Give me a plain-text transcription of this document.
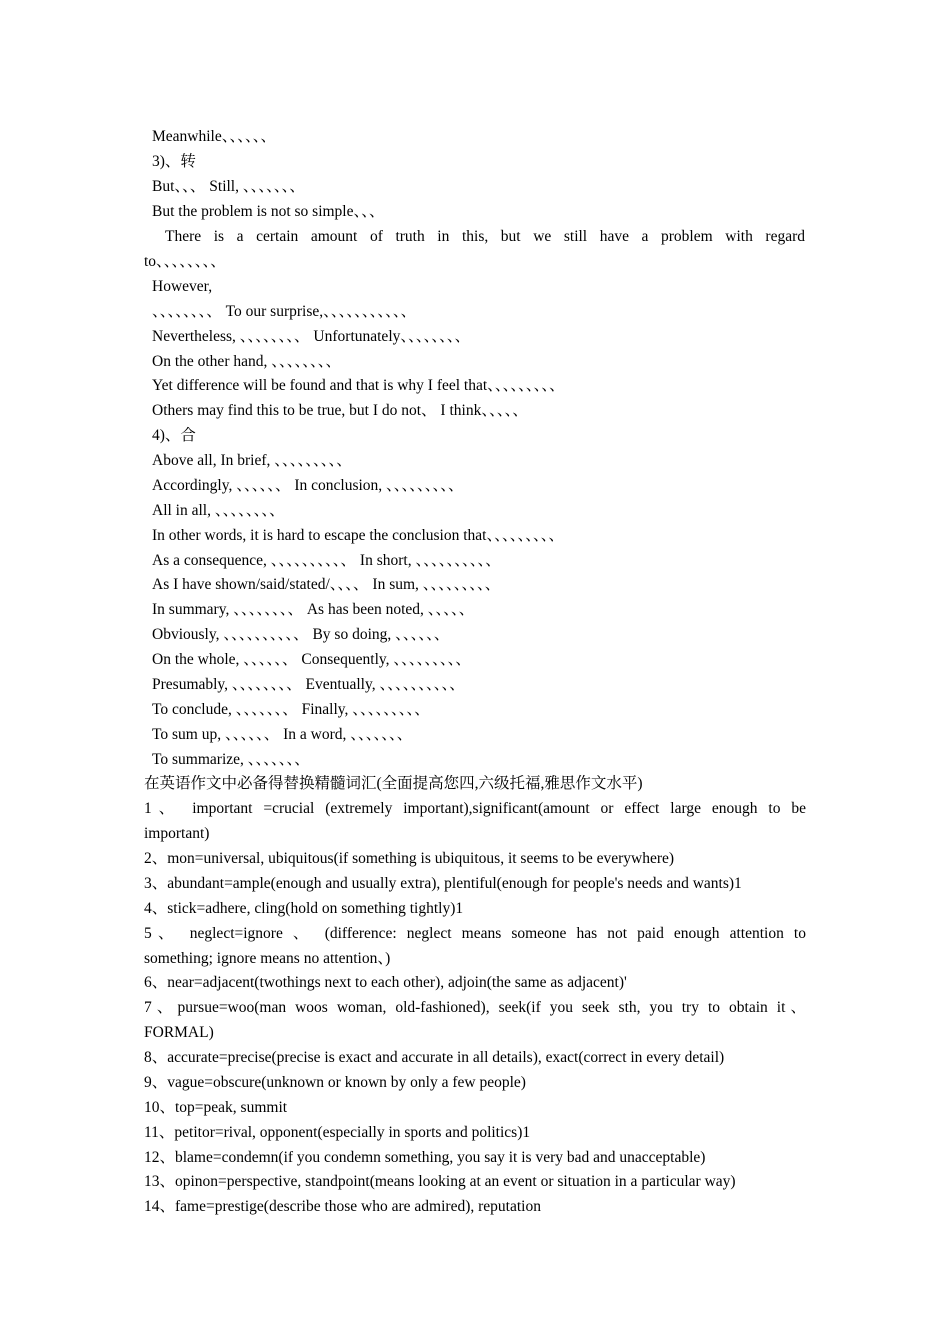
Meanwhile、、、、、、
3)、转
But、、、 Still, 、、、、、、、
But the problem is not so simple、、、
There is a certain amount of truth in this, but we still have a problem with regard
to、、、、、、、、
However,
、、、、、、、、 To our surprise,、、、、、、、、、、、
Nevertheless, 、、、、、、、、 Unfortunately、、、、、、、、
On the other hand, 、、、、、、、、
Yet difference will be found and that is why I feel that、、、、、、、、、
Others may find this to be true, but I do not、 I think、、、、、
4)、合
Above all, In brief, 、、、、、、、、、
Accordingly, 、、、、、、 In conclusion, 、、、、、、、、、
All in all, 、、、、、、、、
In other words, it is hard to escape the conclusion that、、、、、、、、、
As a consequence, 、、、、、、、、、、 In short, 、、、、、、、、、、
As I have shown/said/stated/、、、、 In sum, 、、、、、、、、、
In summary, 、、、、、、、、 As has been noted, 、、、、、
Obviously, 、、、、、、、、、、 By so doing, 、、、、、、
On the whole, 、、、、、、 Consequently, 、、、、、、、、、
Presumably, 、、、、、、、、 Eventually, 、、、、、、、、、、
To conclude, 、、、、、、、 Finally, 、、、、、、、、、
To sum up, 、、、、、、 In a word, 、、、、、、、
To summarize, 、、、、、、、
在英语作文中必备得替换精髓词汇(全面提高您四,六级托福,雅思作文水平)
1、 important =crucial (extremely important),significant(amount or effect large enough to be
important)
2、mon=universal, ubiquitous(if something is ubiquitous, it seems to be everywhere)
3、abundant=ample(enough and usually extra), plentiful(enough for people's needs and wants)1
4、stick=adhere, cling(hold on something tightly)1
5、 neglect=ignore 、 (difference: neglect means someone has not paid enough attention to
something; ignore means no attention、)
6、near=adjacent(twothings next to each other), adjoin(the same as adjacent)'
7、pursue=woo(man woos woman, old-fashioned), seek(if you seek sth, you try to obtain it、
FORMAL)
8、accurate=precise(precise is exact and accurate in all details), exact(correct in every detail)
9、vague=obscure(unknown or known by only a few people)
10、top=peak, summit
11、petitor=rival, opponent(especially in sports and politics)1
12、blame=condemn(if you condemn something, you say it is very bad and unacceptable)
13、opinon=perspective, standpoint(means looking at an event or situation in a particular way)
14、fame=prestige(describe those who are admired), reputation
